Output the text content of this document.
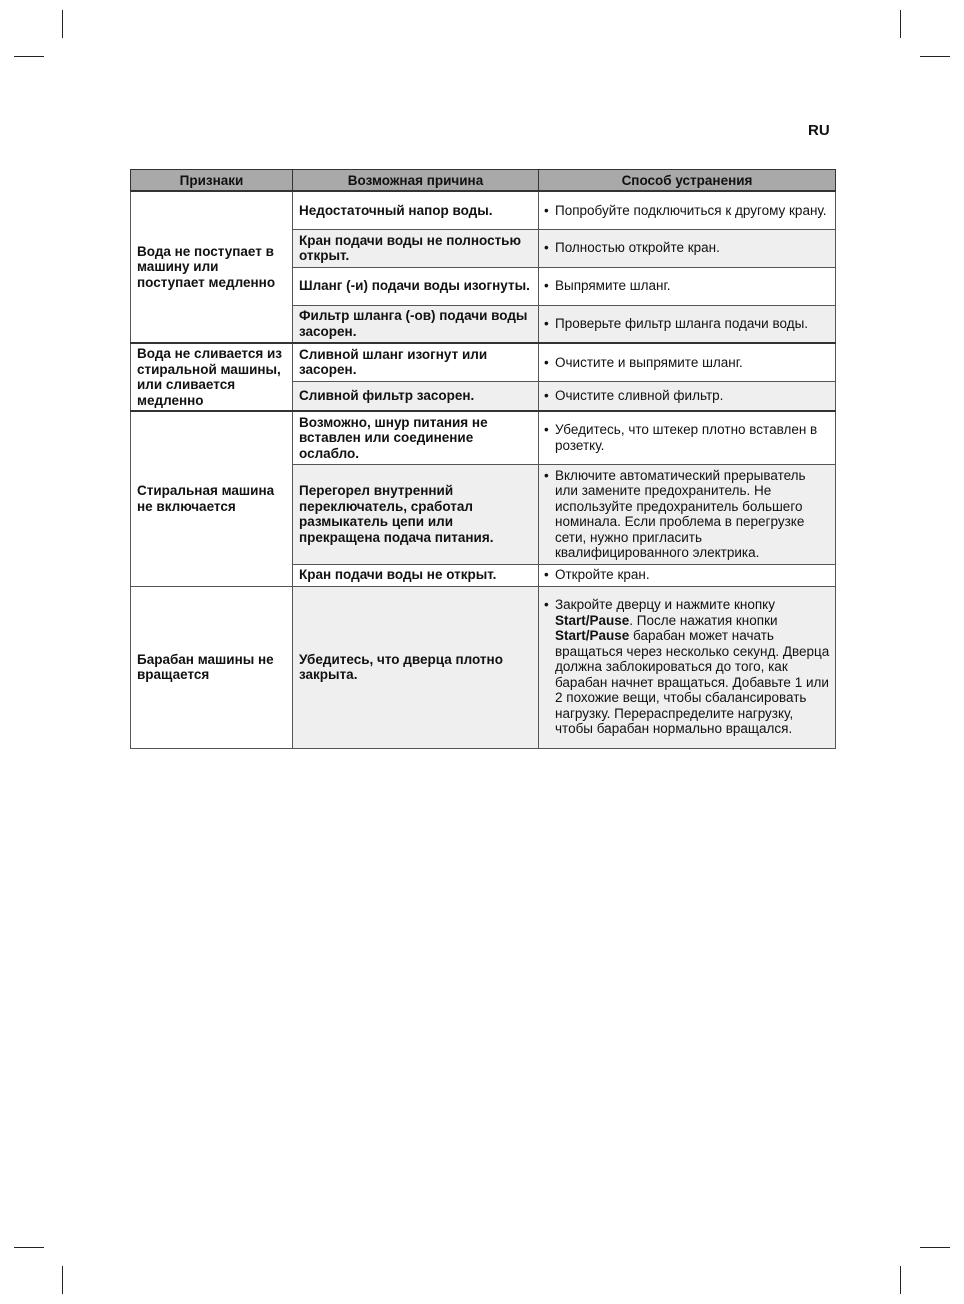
RU
Признаки	Возможная причина	Способ устранения
Вода не поступает в машину или поступает медленно	Недостаточный напор воды.	• Попробуйте подключиться к другому крану.

	Кран подачи воды не полностью открыт.	• Полностью откройте кран.

	Шланг (-и) подачи воды изогнуты.	• Выпрямите шланг.

	Фильтр шланга (-ов) подачи воды засорен.	• Проверьте фильтр шланга подачи воды.

Вода не сливается из стиральной машины, или сливается медленно	Сливной шланг изогнут или засорен.	• Очистите и выпрямите шланг.

	Сливной фильтр засорен.	• Очистите сливной фильтр.

Стиральная машина не включается	Возможно, шнур питания не вставлен или соединение ослабло.	• Убедитесь, что штекер плотно вставлен в розетку.

	Перегорел внутренний переключатель, сработал размыкатель цепи или прекращена подача питания.	• Включите автоматический прерыватель или замените предохранитель. Не используйте предохранитель большего номинала. Если проблема в перегрузке сети, нужно пригласить квалифицированного электрика.

	Кран подачи воды не открыт.	• Откройте кран.

Барабан машины не вращается	Убедитесь, что дверца плотно закрыта.	• Закройте дверцу и нажмите кнопку Start/Pause. После нажатия кнопки Start/Pause барабан может начать вращаться через несколько секунд. Дверца должна заблокироваться до того, как барабан начнет вращаться. Добавьте 1 или 2 похожие вещи, чтобы сбалансировать нагрузку. Перераспределите нагрузку, чтобы барабан нормально вращался.
